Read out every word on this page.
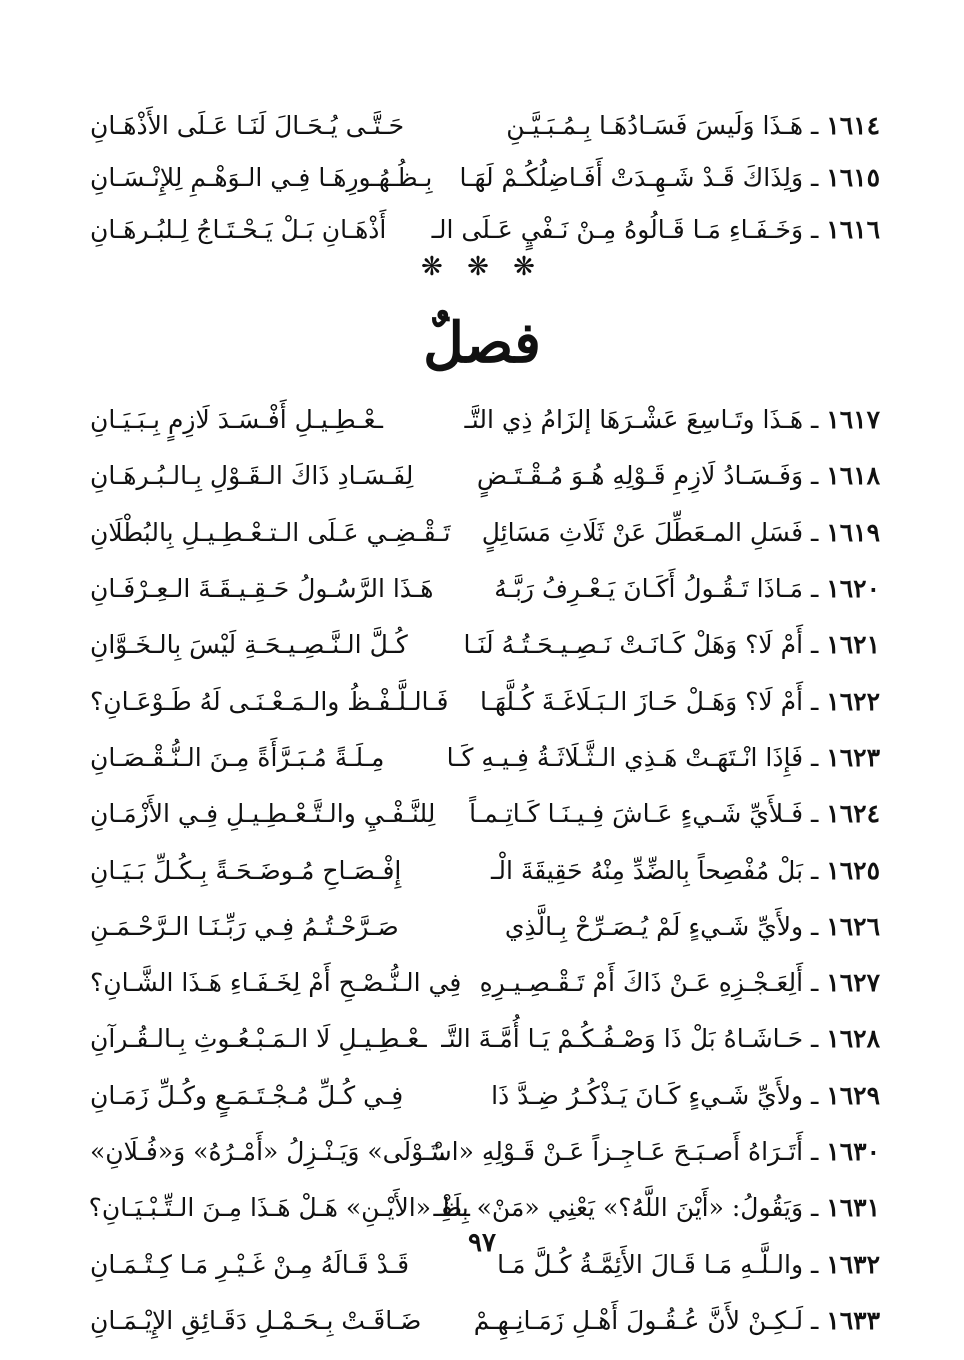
١٦١٤ ـ هَـذَا وَلَيسَ فَسَـادُهَـا بِـمُـبَـيَّـنِ
حَـتَّـى يُـحَـالَ لَنَـا عَـلَى الأَذْهَـانِ
١٦١٥ ـ وَلِذَاكَ قَـدْ شَـهِـدَتْ أَفَـاضِلُكُـمْ لَهَـا
بِـظُـهُـورِهَـا فِـي الـوَهْـمِ لِلإِنْـسَـانِ
١٦١٦ ـ وَخَـفَـاءِ مَـا قَـالُوهُ مِـنْ نَـفْيٍ عَـلَى الـ
أَذْهَـانِ بَـلْ يَـحْـتَـاجُ لِـلبُـرهَـانِ
❋ ❋ ❋
فصلٌ
١٦١٧ ـ هَـذَا وتَـاسِعَ عَشْـرَهَا إلزَامُ ذِي التَّـ
ـعْـطِـيـلِ أَفْـسَـدَ لَازِمٍ بِـبَـيَـانِ
١٦١٨ ـ وَفَـسَـادُ لَازِمِ قَـوْلِهِ هُـوَ مُـقْـتَـضٍ
لِفَـسَـادِ ذَاكَ الـقَـوْلِ بِـالـبُـرهَـانِ
١٦١٩ ـ فَسَلِ المـعَطِّلَ عَنْ ثَلَاثِ مَسَائِلٍ
تَـقْـضِـي عَـلَى الـتـعْـطِـيـلِ بِالبُطْلَانِ
١٦٢٠ ـ مَـاذَا تَـقُـولُ أَكَـانَ يَـعْـرِفُ رَبَّـهُ
هَـذَا الرَّسُـولُ حَـقِـيـقَـةَ الـعِـرْفَـانِ
١٦٢١ ـ أَمْ لَا؟ وَهَلْ كَـانَـتْ نَـصِـيـحَـتُـهُ لَنَـا
كُـلَّ الـنَّـصِـيـحَـةِ لَيْسَ بِالـخَـوَّانِ
١٦٢٢ ـ أَمْ لَا؟ وَهَـلْ حَـازَ الـبَـلَاغَـةَ كُـلَّهَـا
فَـالـلَّـفْـظُ والـمَـعْـنَـى لَهُ طَـوْعَـانِ؟
١٦٢٣ ـ فَإِذَا انْـتَهَـتْ هَـذِي الـثَّـلَاثَـةُ فِـيـهِ كَـا
مِـلَـةً مُـبَـرَّأَةً مِـنَ الـنُّـقْـصَـانِ
١٦٢٤ ـ فَـلأَيِّ شَـيءٍ عَـاشَ فِـيـنَـا كَـاتِـمـاً
لِلنَّـفْـيِ والـتَّـعْـطِـيـلِ فِـي الأَزْمَـانِ
١٦٢٥ ـ بَلْ مُفْصِحاً بِالضِّدِّ مِنْهُ حَقِيقَةَ الْـ
إِفْـصَـاحِ مُـوضَـحَـةً بِـكُـلِّ بَـيَـانِ
١٦٢٦ ـ ولأَيِّ شَـيءٍ لَمْ يُـصَـرِّحْ بِـالَّذِي
صَـرَّحْـتُـمُ فِـي رَبِّـنَـا الـرَّحْـمَـنِ
١٦٢٧ ـ أَلِعَـجْـزِهِ عَـنْ ذَاكَ أَمْ تَـقْـصِـيـرِهِ
فِي الـنُّـصْـحِ أَمْ لِخَـفَـاءِ هَـذَا الشَّـانِ؟
١٦٢٨ ـ حَـاشَـاهُ بَلْ ذَا وَصْـفُـكُـمْ يَـا أُمَّـةَ التَّـ
ـعْـطِـيـلِ لَا الـمَـبْـعُـوثِ بِـالـقُـرآنِ
١٦٢٩ ـ ولأَيِّ شَـيءٍ كَـانَ يَـذْكُـرُ ضِـدَّ ذَا
فِـي كُـلِّ مُـجْـتَـمَـعٍ وكُـلِّ زَمَـانِ
١٦٣٠ ـ أَتَـرَاهُ أَصـبَـحَ عَـاجِـزاً عَـنْ قَـوْلِهِ «اسْـ
ـتَـوْلَى» وَيَـنْـزِلُ «أَمْـرُهُ» وَ«فُـلَانِ»
١٦٣١ ـ وَيَقُولُ: «أَيْنَ اللَّهُ؟» يَعْنِي «مَنْ» بِلَفْـ
ـظِ «الأَيْـنِ» هَـلْ هَـذَا مِـنَ الـتِّـبْـيَـانِ؟
١٦٣٢ ـ والـلَّـهِ مَـا قَـالَ الأَئِمَّـةُ كُـلَّ مَـا
قَـدْ قَـالَهُ مِـنْ غَـيْـرِ مَـا كِـتْـمَـانِ
١٦٣٣ ـ لَـكِـنْ لأَنَّ عُـقُـولَ أَهْـلِ زَمَـانِـهِـمْ
ضَـاقَـتْ بِـحَـمْـلِ دَقَـائِقِ الإِيْـمَـانِ
٩٧
